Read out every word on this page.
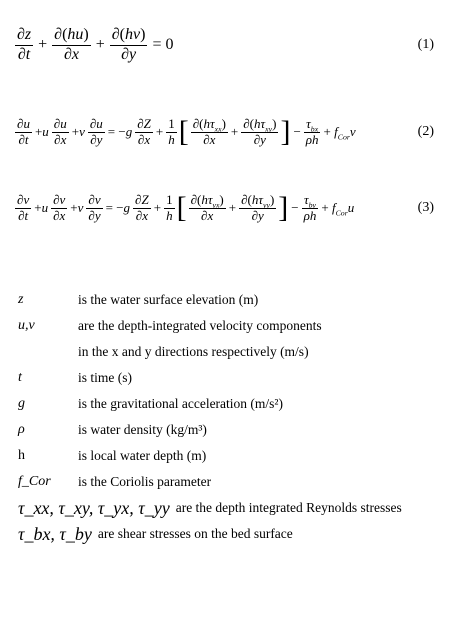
$\frac{\partial z}{\partial t} + \frac{\partial(hu)}{\partial x} + \frac{\partial(hv)}{\partial y} = 0$	(1)
$\frac{\partial u}{\partial t} +u \frac{\partial u}{\partial x} +v \frac{\partial u}{\partial y} = -g \frac{\partial Z}{\partial x} + \frac{1}{h}$ [ $\frac{\partial(h\tau_{xx})}{\partial x} + \frac{\partial(h\tau_{xy})}{\partial y}$ ] − $\frac{\tau_{bx}}{\rho h} + f_{Cor}v$	(2)
$\frac{\partial v}{\partial t} +u \frac{\partial v}{\partial x} +v \frac{\partial v}{\partial y} = -g \frac{\partial Z}{\partial x} + \frac{1}{h}$ [ $\frac{\partial(h\tau_{yx})}{\partial x} + \frac{\partial(h\tau_{yy})}{\partial y}$ ] − $\frac{\tau_{by}}{\rho h} + f_{Cor}u$	(3)
z	is the water surface elevation (m)
u,v	are the depth-integrated velocity components
in the x and y directions respectively (m/s)
t	is time (s)
g	is the gravitational acceleration (m/s²)
ρ	is water density (kg/m³)
h	is local water depth (m)
f_Cor	is the Coriolis parameter
τ_xx, τ_xy, τ_yx, τ_yy are the depth integrated Reynolds stresses
τ_bx, τ_by are shear stresses on the bed surface
